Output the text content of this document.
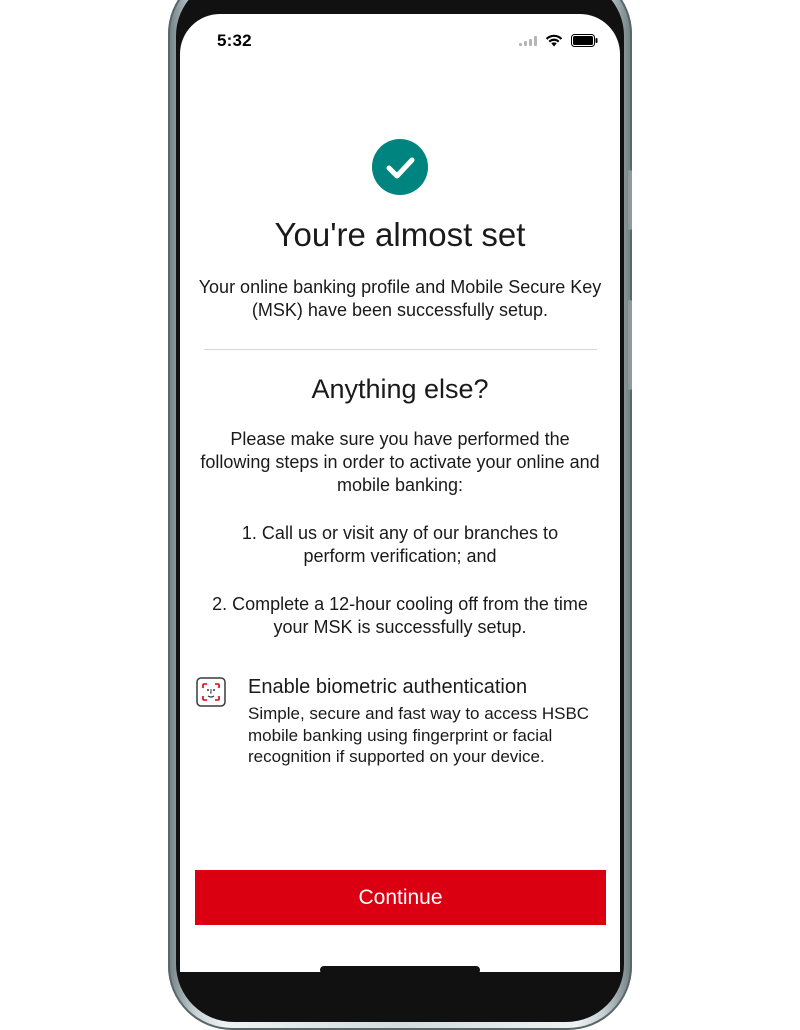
5:32
You're almost set
Your online banking profile and Mobile Secure Key (MSK) have been successfully setup.
Anything else?
Please make sure you have performed the following steps in order to activate your online and mobile banking:
1. Call us or visit any of our branches to perform verification; and
2. Complete a 12-hour cooling off from the time your MSK is successfully setup.
Enable biometric authentication
Simple, secure and fast way to access HSBC mobile banking using fingerprint or facial recognition if supported on your device.
Continue
